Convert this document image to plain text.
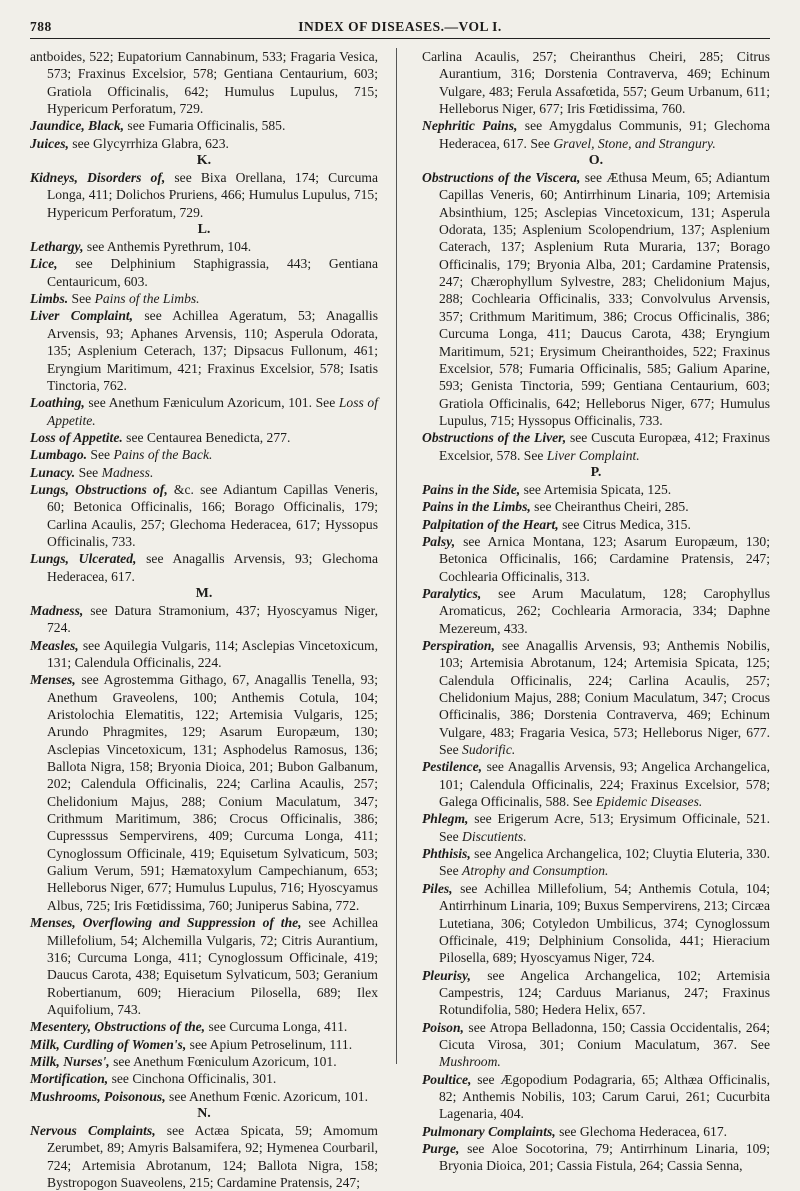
788	INDEX OF DISEASES.—VOL I.

antboides, 522; Eupatorium Cannabinum, 533; Fragaria Vesica, 573; Fraxinus Excelsior, 578; Gentiana Centaurium, 603; Gratiola Officinalis, 642; Humulus Lupulus, 715; Hypericum Perforatum, 729.

Jaundice, Black, see Fumaria Officinalis, 585.

Juices, see Glycyrrhiza Glabra, 623.

K.

Kidneys, Disorders of, see Bixa Orellana, 174; Curcuma Longa, 411; Dolichos Pruriens, 466; Humulus Lupulus, 715; Hypericum Perforatum, 729.

L.

Lethargy, see Anthemis Pyrethrum, 104.

Lice, see Delphinium Staphigrassia, 443; Gentiana Centauricum, 603.

Limbs. See Pains of the Limbs.

Liver Complaint, see Achillea Ageratum, 53; Anagallis Arvensis, 93; Aphanes Arvensis, 110; Asperula Odorata, 135; Asplenium Ceterach, 137; Dipsacus Fullonum, 461; Eryngium Maritimum, 421; Fraxinus Excelsior, 578; Isatis Tinctoria, 762.

Loathing, see Anethum Fæniculum Azoricum, 101. See Loss of Appetite.

Loss of Appetite. see Centaurea Benedicta, 277.

Lumbago. See Pains of the Back.

Lunacy. See Madness.

Lungs, Obstructions of, &c. see Adiantum Capillas Veneris, 60; Betonica Officinalis, 166; Borago Officinalis, 179; Carlina Acaulis, 257; Glechoma Hederacea, 617; Hyssopus Officinalis, 733.

Lungs, Ulcerated, see Anagallis Arvensis, 93; Glechoma Hederacea, 617.

M.

Madness, see Datura Stramonium, 437; Hyoscyamus Niger, 724.

Measles, see Aquilegia Vulgaris, 114; Asclepias Vincetoxicum, 131; Calendula Officinalis, 224.

Menses, see Agrostemma Githago, 67, Anagallis Tenella, 93; Anethum Graveolens, 100; Anthemis Cotula, 104; Aristolochia Elematitis, 122; Artemisia Vulgaris, 125; Arundo Phragmites, 129; Asarum Europæum, 130; Asclepias Vincetoxicum, 131; Asphodelus Ramosus, 136; Ballota Nigra, 158; Bryonia Dioica, 201; Bubon Galbanum, 202; Calendula Officinalis, 224; Carlina Acaulis, 257; Chelidonium Majus, 288; Conium Maculatum, 347; Crithmum Maritimum, 386; Crocus Officinalis, 386; Cupresssus Sempervirens, 409; Curcuma Longa, 411; Cynoglossum Officinale, 419; Equisetum Sylvaticum, 503; Galium Verum, 591; Hæmatoxylum Campechianum, 653; Helleborus Niger, 677; Humulus Lupulus, 716; Hyoscyamus Albus, 725; Iris Fœtidissima, 760; Juniperus Sabina, 772.

Menses, Overflowing and Suppression of the, see Achillea Millefolium, 54; Alchemilla Vulgaris, 72; Citris Aurantium, 316; Curcuma Longa, 411; Cynoglossum Officinale, 419; Daucus Carota, 438; Equisetum Sylvaticum, 503; Geranium Robertianum, 609; Hieracium Pilosella, 689; Ilex Aquifolium, 743.

Mesentery, Obstructions of the, see Curcuma Longa, 411.

Milk, Curdling of Women's, see Apium Petroselinum, 111.

Milk, Nurses', see Anethum Fœniculum Azoricum, 101.

Mortification, see Cinchona Officinalis, 301.

Mushrooms, Poisonous, see Anethum Fœnic. Azoricum, 101.

N.

Nervous Complaints, see Actæa Spicata, 59; Amomum Zerumbet, 89; Amyris Balsamifera, 92; Hymenea Courbaril, 724; Artemisia Abrotanum, 124; Ballota Nigra, 158; Bystropogon Suaveolens, 215; Cardamine Pratensis, 247;

Carlina Acaulis, 257; Cheiranthus Cheiri, 285; Citrus Aurantium, 316; Dorstenia Contraverva, 469; Echinum Vulgare, 483; Ferula Assafœtida, 557; Geum Urbanum, 611; Helleborus Niger, 677; Iris Fœtidissima, 760.

Nephritic Pains, see Amygdalus Communis, 91; Glechoma Hederacea, 617. See Gravel, Stone, and Strangury.

O.

Obstructions of the Viscera, see Æthusa Meum, 65; Adiantum Capillas Veneris, 60; Antirrhinum Linaria, 109; Artemisia Absinthium, 125; Asclepias Vincetoxicum, 131; Asperula Odorata, 135; Asplenium Scolopendrium, 137; Asplenium Caterach, 137; Asplenium Ruta Muraria, 137; Borago Officinalis, 179; Bryonia Alba, 201; Cardamine Pratensis, 247; Chærophyllum Sylvestre, 283; Chelidonium Majus, 288; Cochlearia Officinalis, 333; Convolvulus Arvensis, 357; Crithmum Maritimum, 386; Crocus Officinalis, 386; Curcuma Longa, 411; Daucus Carota, 438; Eryngium Maritimum, 521; Erysimum Cheiranthoides, 522; Fraxinus Excelsior, 578; Fumaria Officinalis, 585; Galium Aparine, 593; Genista Tinctoria, 599; Gentiana Centaurium, 603; Gratiola Officinalis, 642; Helleborus Niger, 677; Humulus Lupulus, 715; Hyssopus Officinalis, 733.

Obstructions of the Liver, see Cuscuta Europæa, 412; Fraxinus Excelsior, 578. See Liver Complaint.

P.

Pains in the Side, see Artemisia Spicata, 125.

Pains in the Limbs, see Cheiranthus Cheiri, 285.

Palpitation of the Heart, see Citrus Medica, 315.

Palsy, see Arnica Montana, 123; Asarum Europæum, 130; Betonica Officinalis, 166; Cardamine Pratensis, 247; Cochlearia Officinalis, 313.

Paralytics, see Arum Maculatum, 128; Carophyllus Aromaticus, 262; Cochlearia Armoracia, 334; Daphne Mezereum, 433.

Perspiration, see Anagallis Arvensis, 93; Anthemis Nobilis, 103; Artemisia Abrotanum, 124; Artemisia Spicata, 125; Calendula Officinalis, 224; Carlina Acaulis, 257; Chelidonium Majus, 288; Conium Maculatum, 347; Crocus Officinalis, 386; Dorstenia Contraverva, 469; Echinum Vulgare, 483; Fragaria Vesica, 573; Helleborus Niger, 677. See Sudorific.

Pestilence, see Anagallis Arvensis, 93; Angelica Archangelica, 101; Calendula Officinalis, 224; Fraxinus Excelsior, 578; Galega Officinalis, 588. See Epidemic Diseases.

Phlegm, see Erigerum Acre, 513; Erysimum Officinale, 521. See Discutients.

Phthisis, see Angelica Archangelica, 102; Cluytia Eluteria, 330. See Atrophy and Consumption.

Piles, see Achillea Millefolium, 54; Anthemis Cotula, 104; Antirrhinum Linaria, 109; Buxus Sempervirens, 213; Circæa Lutetiana, 306; Cotyledon Umbilicus, 374; Cynoglossum Officinale, 419; Delphinium Consolida, 441; Hieracium Pilosella, 689; Hyoscyamus Niger, 724.

Pleurisy, see Angelica Archangelica, 102; Artemisia Campestris, 124; Carduus Marianus, 247; Fraxinus Rotundifolia, 580; Hedera Helix, 657.

Poison, see Atropa Belladonna, 150; Cassia Occidentalis, 264; Cicuta Virosa, 301; Conium Maculatum, 367. See Mushroom.

Poultice, see Ægopodium Podagraria, 65; Althæa Officinalis, 82; Anthemis Nobilis, 103; Carum Carui, 261; Cucurbita Lagenaria, 404.

Pulmonary Complaints, see Glechoma Hederacea, 617.

Purge, see Aloe Socotorina, 79; Antirrhinum Linaria, 109; Bryonia Dioica, 201; Cassia Fistula, 264; Cassia Senna,
